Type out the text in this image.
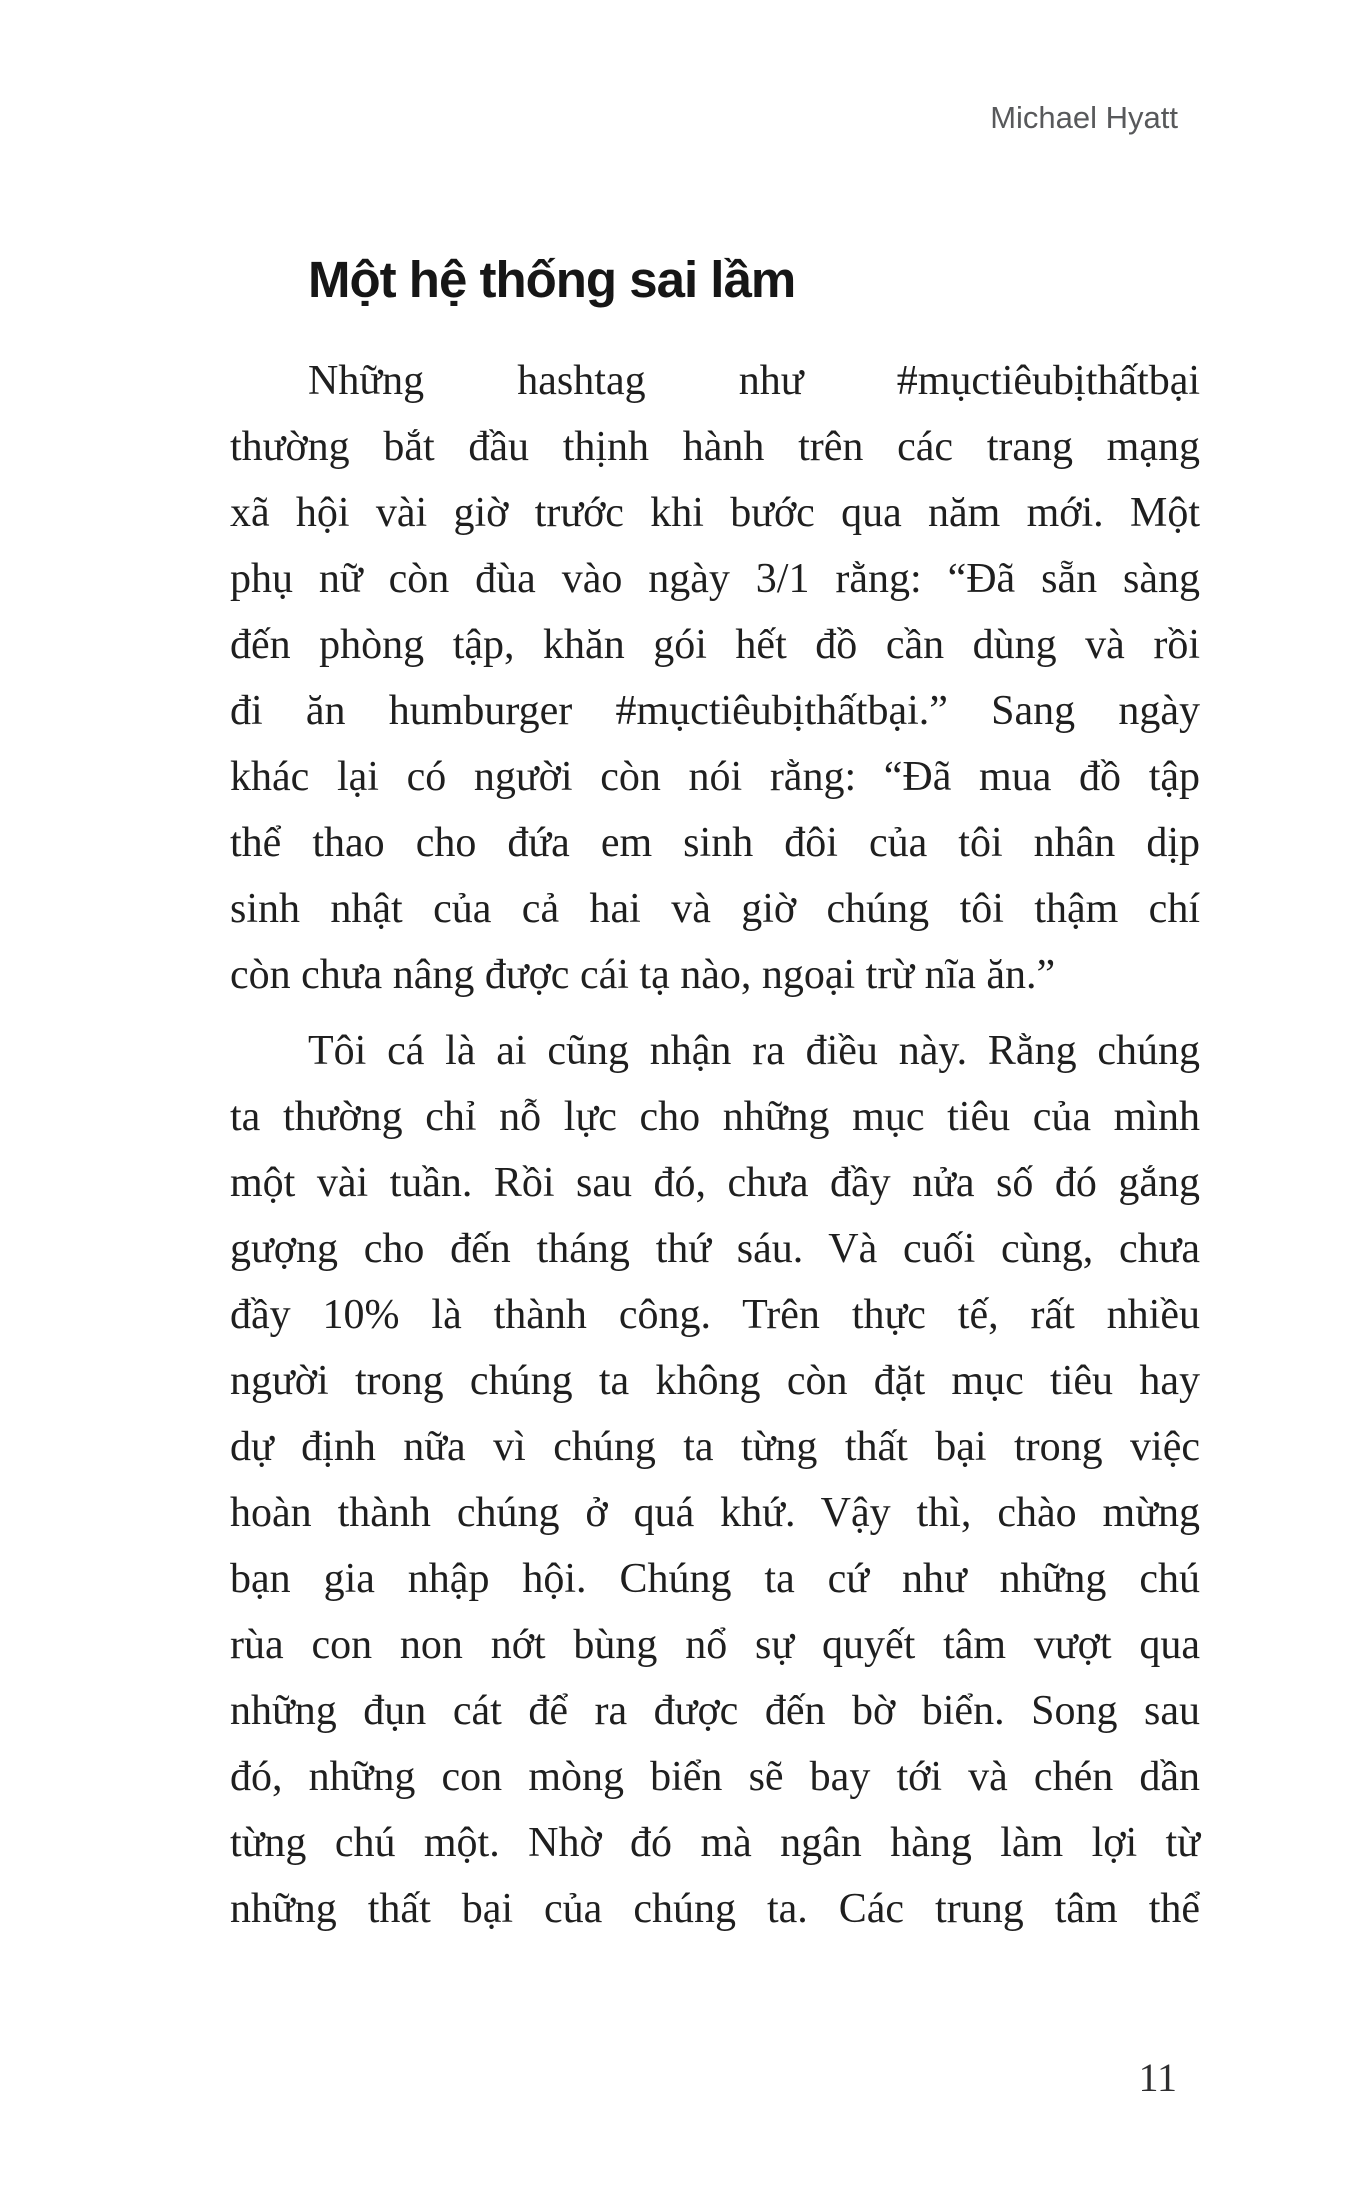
Michael Hyatt
Một hệ thống sai lầm
Những hashtag như #mụctiêubịthấtbại
thường bắt đầu thịnh hành trên các trang mạng
xã hội vài giờ trước khi bước qua năm mới. Một
phụ nữ còn đùa vào ngày 3/1 rằng: “Đã sẵn sàng
đến phòng tập, khăn gói hết đồ cần dùng và rồi
đi ăn humburger #mụctiêubịthấtbại.” Sang ngày
khác lại có người còn nói rằng: “Đã mua đồ tập
thể thao cho đứa em sinh đôi của tôi nhân dịp
sinh nhật của cả hai và giờ chúng tôi thậm chí
còn chưa nâng được cái tạ nào, ngoại trừ nĩa ăn.”
Tôi cá là ai cũng nhận ra điều này. Rằng chúng
ta thường chỉ nỗ lực cho những mục tiêu của mình
một vài tuần. Rồi sau đó, chưa đầy nửa số đó gắng
gượng cho đến tháng thứ sáu. Và cuối cùng, chưa
đầy 10% là thành công. Trên thực tế, rất nhiều
người trong chúng ta không còn đặt mục tiêu hay
dự định nữa vì chúng ta từng thất bại trong việc
hoàn thành chúng ở quá khứ. Vậy thì, chào mừng
bạn gia nhập hội. Chúng ta cứ như những chú
rùa con non nớt bùng nổ sự quyết tâm vượt qua
những đụn cát để ra được đến bờ biển. Song sau
đó, những con mòng biển sẽ bay tới và chén dần
từng chú một. Nhờ đó mà ngân hàng làm lợi từ
những thất bại của chúng ta. Các trung tâm thể
11
